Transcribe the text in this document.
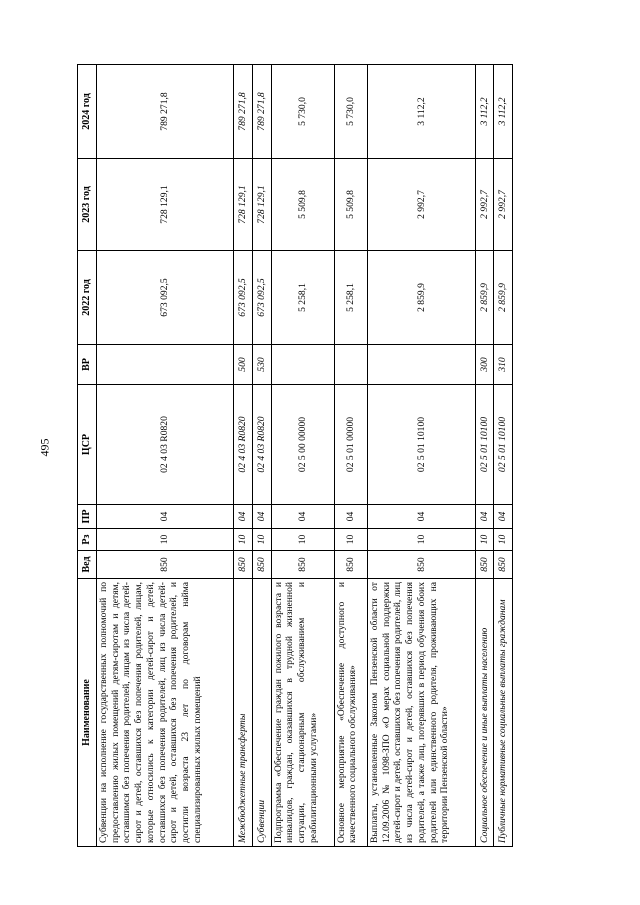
495
Наименование	Вед	Рз	ПР	ЦСР	ВР	2022 год	2023 год	2024 год
Субвенции на исполнение государственных полномочий по предоставлению жилых помещений детям-сиротам и детям, оставшимся без попечения родителей, лицам из числа детей-сирот и детей, оставшихся без попечения родителей, лицам, которые относились к категории детей-сирот и детей, оставшихся без попечения родителей, лиц из числа детей-сирот и детей, оставшихся без попечения родителей, и достигли возраста 23 лет по договорам найма специализированных жилых помещений	850	10	04	02 4 03 R0820		673 092,5	728 129,1	789 271,8
Межбюджетные трансферты	850	10	04	02 4 03 R0820	500	673 092,5	728 129,1	789 271,8
Субвенции	850	10	04	02 4 03 R0820	530	673 092,5	728 129,1	789 271,8
Подпрограмма «Обеспечение граждан пожилого возраста и инвалидов, граждан, оказавшихся в трудной жизненной ситуации, стационарным обслуживанием и реабилитационными услугами»	850	10	04	02 5 00 00000		5 258,1	5 509,8	5 730,0
Основное мероприятие «Обеспечение доступного и качественного социального обслуживания»	850	10	04	02 5 01 00000		5 258,1	5 509,8	5 730,0
Выплаты, установленные Законом Пензенской области от 12.09.2006 № 1098-ЗПО «О мерах социальной поддержки детей-сирот и детей, оставшихся без попечения родителей, лиц из числа детей-сирот и детей, оставшихся без попечения родителей, а также лиц, потерявших в период обучения обоих родителей или единственного родителя, проживающих на территории Пензенской области»	850	10	04	02 5 01 10100		2 859,9	2 992,7	3 112,2
Социальное обеспечение и иные выплаты населению	850	10	04	02 5 01 10100	300	2 859,9	2 992,7	3 112,2
Публичные нормативные социальные выплаты гражданам	850	10	04	02 5 01 10100	310	2 859,9	2 992,7	3 112,2
